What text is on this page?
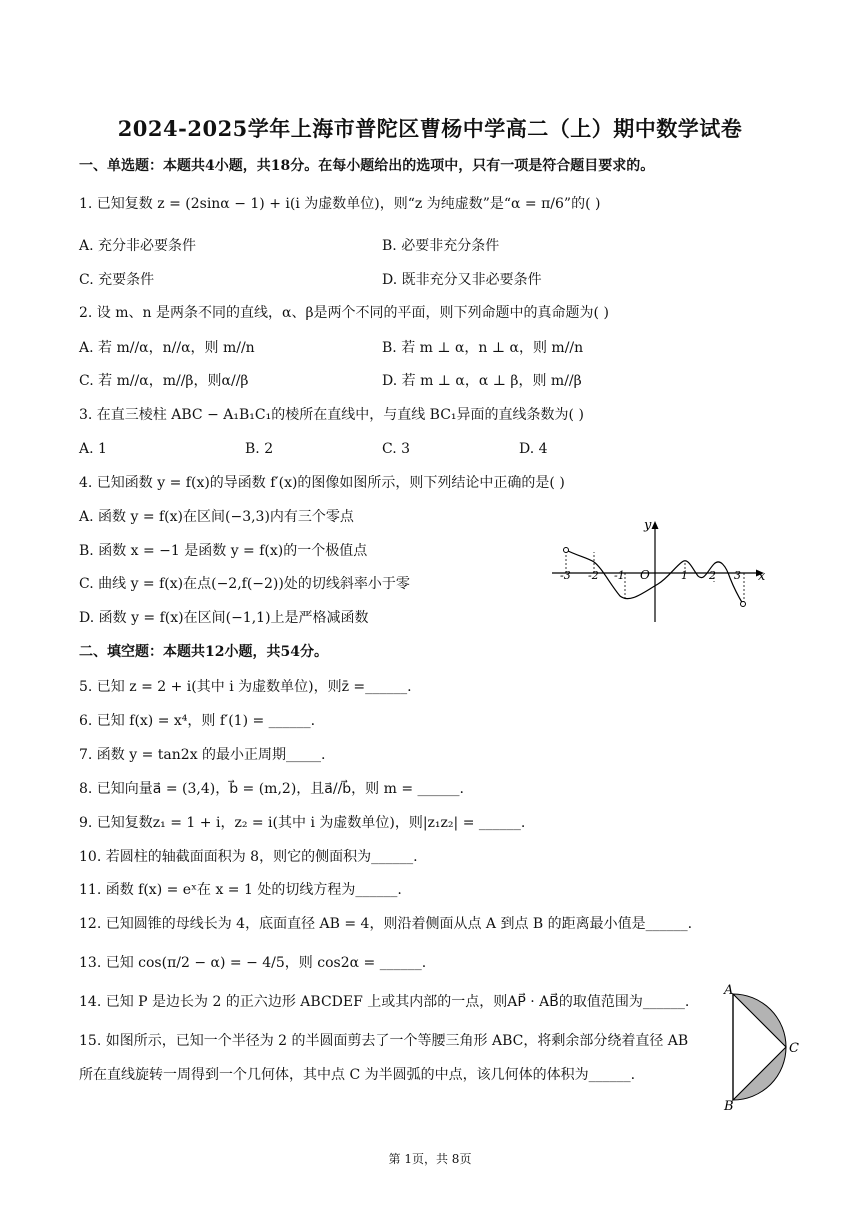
2024-2025学年上海市普陀区曹杨中学高二（上）期中数学试卷
一、单选题：本题共4小题，共18分。在每小题给出的选项中，只有一项是符合题目要求的。
1. 已知复数 z = (2sinα − 1) + i(i 为虚数单位)，则“z 为纯虚数”是“α = π/6”的( )
A. 充分非必要条件	B. 必要非充分条件
C. 充要条件	D. 既非充分又非必要条件
2. 设 m、n 是两条不同的直线，α、β是两个不同的平面，则下列命题中的真命题为( )
A. 若 m//α，n//α，则 m//n	B. 若 m ⊥ α，n ⊥ α，则 m//n
C. 若 m//α，m//β，则α//β	D. 若 m ⊥ α，α ⊥ β，则 m//β
3. 在直三棱柱 ABC − A₁B₁C₁的棱所在直线中，与直线 BC₁异面的直线条数为( )
A. 1	B. 2	C. 3	D. 4
4. 已知函数 y = f(x)的导函数 f′(x)的图像如图所示，则下列结论中正确的是( )
A. 函数 y = f(x)在区间(−3,3)内有三个零点
B. 函数 x = −1 是函数 y = f(x)的一个极值点
C. 曲线 y = f(x)在点(−2,f(−2))处的切线斜率小于零
D. 函数 y = f(x)在区间(−1,1)上是严格减函数
y
x
-3 -2 -1 O	1 2 3
二、填空题：本题共12小题，共54分。
5. 已知 z = 2 + i(其中 i 为虚数单位)，则z̄ =______.
6. 已知 f(x) = x⁴，则 f′(1) = ______.
7. 函数 y = tan2x 的最小正周期_____.
8. 已知向量a⃗ = (3,4)，b⃗ = (m,2)，且a⃗//b⃗，则 m = ______.
9. 已知复数z₁ = 1 + i，z₂ = i(其中 i 为虚数单位)，则|z₁z₂| = ______.
10. 若圆柱的轴截面面积为 8，则它的侧面积为______.
11. 函数 f(x) = eˣ在 x = 1 处的切线方程为______.
12. 已知圆锥的母线长为 4，底面直径 AB = 4，则沿着侧面从点 A 到点 B 的距离最小值是______.
13. 已知 cos(π/2 − α) = − 4/5，则 cos2α = ______.
14. 已知 P 是边长为 2 的正六边形 ABCDEF 上或其内部的一点，则AP⃗ · AB⃗的取值范围为______.
15. 如图所示，已知一个半径为 2 的半圆面剪去了一个等腰三角形 ABC，将剩余部分绕着直径 AB 所在直线旋转一周得到一个几何体，其中点 C 为半圆弧的中点，该几何体的体积为______.
A
B
C
第 1页，共 8页
